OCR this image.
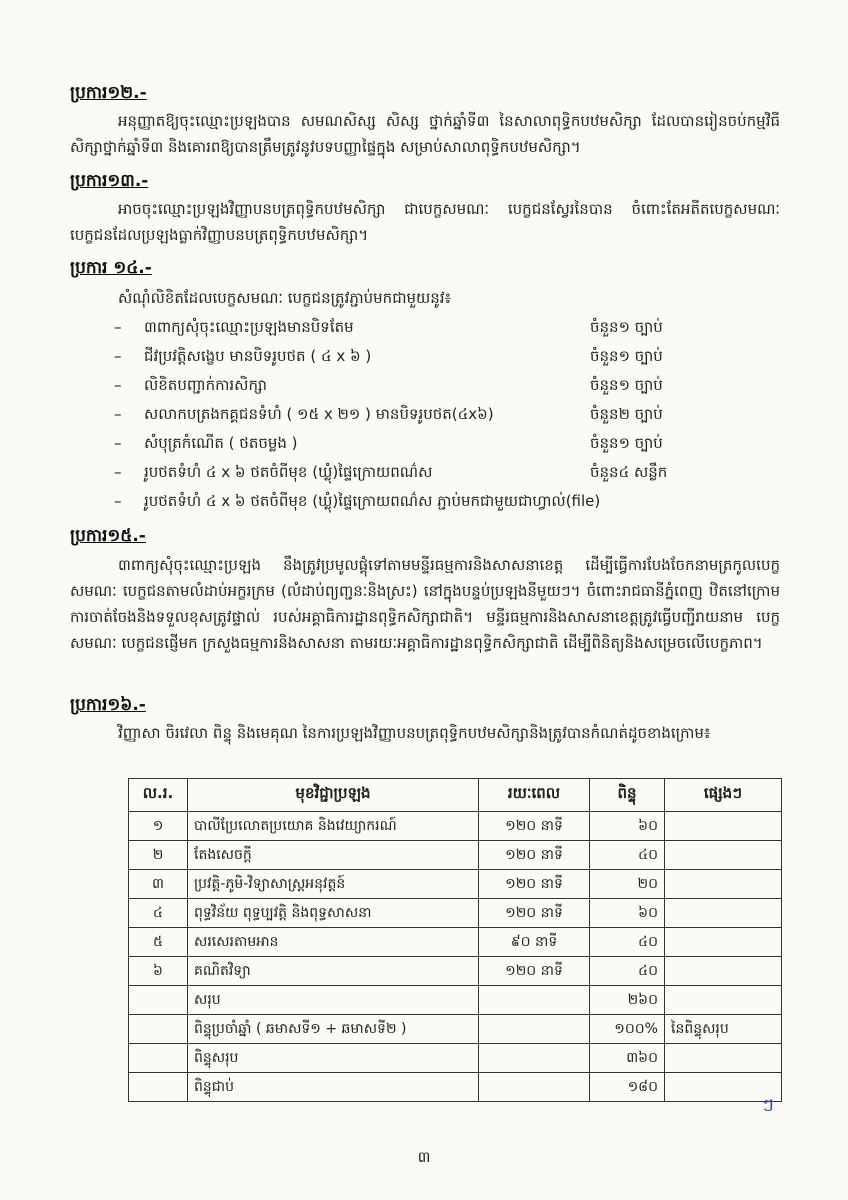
ប្រការ១២.-
អនុញ្ញាតឱ្យចុះឈ្មោះប្រឡងបាន សមណសិស្ស សិស្ស ថ្នាក់ឆ្នាំទី៣ នៃសាលាពុទ្ធិកបឋមសិក្សា ដែលបានរៀនចប់កម្មវិធីសិក្សាថ្នាក់ឆ្នាំទី៣ និងគោរពឱ្យបានត្រឹមត្រូវនូវបទបញ្ញាផ្ទៃក្នុង សម្រាប់សាលាពុទ្ធិកបឋមសិក្សា។
ប្រការ១៣.-
អាចចុះឈ្មោះប្រឡងវិញ្ញាបនបត្រពុទ្ធិកបឋមសិក្សា ជាបេក្ខសមណៈ បេក្ខជនស្វែរនៃបាន ចំពោះតែអតីតបេក្ខសមណៈ បេក្ខជនដែលប្រឡងធ្លាក់វិញ្ញាបនបត្រពុទ្ធិកបឋមសិក្សា។
ប្រការ ១៤.-
សំណុំលិខិតដែលបេក្ខសមណៈ បេក្ខជនត្រូវភ្ជាប់មកជាមួយនូវ៖
– ៣ពាក្យសុំចុះឈ្មោះប្រឡងមានបិទតែម	ចំនួន១ ច្បាប់
– ជីវប្រវត្តិសង្ខេប មានបិទរូបថត ( ៤ x ៦ )	ចំនួន១ ច្បាប់
– លិខិតបញ្ជាក់ការសិក្សា	ចំនួន១ ច្បាប់
– សលាកបត្រងកគ្គជនទំហំ ( ១៥ x ២១ ) មានបិទរូបថត(៤x៦)	ចំនួន២ ច្បាប់
– សំបុត្រកំណើត ( ថតចម្លង )	ចំនួន១ ច្បាប់
– រូបថតទំហំ ៤ x ៦ ថតចំពីមុខ (ឃ្លុំ)ផ្ទៃក្រោយពណ៌ស	ចំនួន៤ សន្លឹក
– រូបថតទំហំ ៤ x ៦ ថតចំពីមុខ (ឃ្លុំ)ផ្ទៃក្រោយពណ៌ស ភ្ជាប់មកជាមួយជាហ្វាល់(file)
ប្រការ១៥.-
៣ពាក្យសុំចុះឈ្មោះប្រឡង នឹងត្រូវប្រមូលផ្តុំទៅតាមមន្ទីរធម្មការនិងសាសនាខេត្ត ដើម្បីធ្វើការបែងចែកនាមត្រកូលបេក្ខសមណៈ បេក្ខជនតាមលំដាប់អក្ខរក្រម (លំដាប់ព្យញ្ជនៈនិងស្រះ) នៅក្នុងបន្ទប់ប្រឡងនីមួយៗ។ ចំពោះរាជធានីភ្នំពេញ ឋិតនៅក្រោមការចាត់ចែងនិងទទួលខុសត្រូវផ្ទាល់ របស់អគ្គាធិការដ្ឋានពុទ្ធិកសិក្សាជាតិ។ មន្ទីរធម្មការនិងសាសនាខេត្តត្រូវធ្វើបញ្ជីរាយនាម បេក្ខសមណៈ បេក្ខជនផ្ញើមក ក្រសួងធម្មការនិងសាសនា តាមរយៈអគ្គាធិការដ្ឋានពុទ្ធិកសិក្សាជាតិ ដើម្បីពិនិត្យនិងសម្រេចលើបេក្ខភាព។
ប្រការ១៦.-
វិញ្ញាសា ចិរវេលា ពិន្ទុ និងមេគុណ នៃការប្រឡងវិញ្ញាបនបត្រពុទ្ធិកបឋមសិក្សានិងត្រូវបានកំណត់ដូចខាងក្រោម៖
ល.រ.	មុខវិជ្ជាប្រឡង	រយៈពេល	ពិន្ទុ	ផ្សេងៗ
១	បាលីប្រែលោតប្រយោគ និងវេយ្យាករណ៍	១២០ នាទី	៦០	
២	តែងសេចក្តី	១២០ នាទី	៤០	
៣	ប្រវត្តិ-ភូមិ-វិទ្យាសាស្ត្រអនុវត្តន៍	១២០ នាទី	២០	
៤	ពុទ្ធវិន័យ ពុទ្ធប្បវត្តិ និងពុទ្ធសាសនា	១២០ នាទី	៦០	
៥	សរសេរតាមអាន	៩០ នាទី	៤០	
៦	គណិតវិទ្យា	១២០ នាទី	៤០	
	សរុប		២៦០	
	ពិន្ទុប្រចាំឆ្នាំ ( ឆមាសទី១ + ឆមាសទី២ )		១០០%	នៃពិន្ទុសរុប
	ពិន្ទុសរុប		៣៦០	
	ពិន្ទុជាប់		១៨០	
ៗ
៣
